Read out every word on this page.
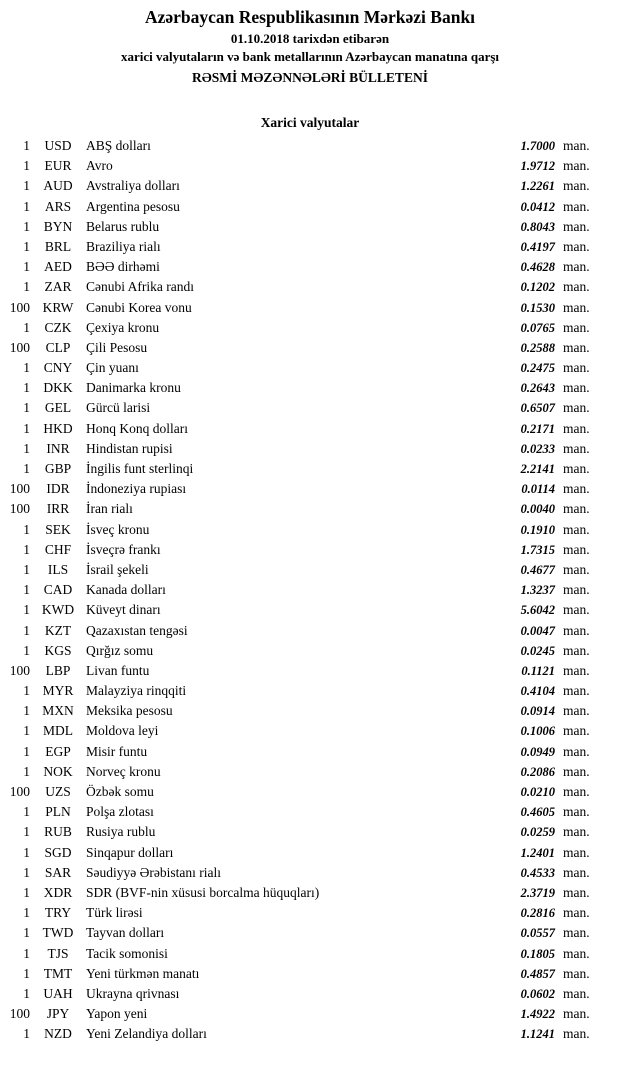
Azərbaycan Respublikasının Mərkəzi Bankı
01.10.2018 tarixdən etibarən
xarici valyutaların və bank metallarının Azərbaycan manatına qarşı
RƏSMİ MƏZƏNNƏLƏRİ BÜLLETENİ
Xarici valyutalar
1	USD	ABŞ dolları	1.7000 man.
1	EUR	Avro	1.9712 man.
1 AUD Avstraliya dolları	1.2261 man.
1	ARS	Argentina pesosu	0.0412 man.
1	BYN	Belarus rublu	0.8043 man.
1	BRL	Braziliya rialı	0.4197 man.
1	AED	BƏƏ dirhəmi	0.4628 man.
1	ZAR	Cənubi Afrika randı	0.1202 man.
100 KRW Cənubi Korea vonu	0.1530 man.
1	CZK	Çexiya kronu	0.0765 man.
100	CLP	Çili Pesosu	0.2588 man.
1	CNY	Çin yuanı	0.2475 man.
1 DKK Danimarka kronu	0.2643 man.
1	GEL	Gürcü larisi	0.6507 man.
1 HKD Honq Konq dolları	0.2171 man.
1	INR	Hindistan rupisi	0.0233 man.
1	GBP	İngilis funt sterlinqi	2.2141 man.
100	IDR	İndoneziya rupiası	0.0114 man.
100	IRR	İran rialı	0.0040 man.
1	SEK	İsveç kronu	0.1910 man.
1	CHF	İsveçrə frankı	1.7315 man.
1	ILS	İsrail şekeli	0.4677 man.
1	CAD	Kanada dolları	1.3237 man.
1 KWD Küveyt dinarı	5.6042 man.
1	KZT	Qazaxıstan tengəsi	0.0047 man.
1	KGS	Qırğız somu	0.0245 man.
100	LBP	Livan funtu	0.1121 man.
1 MYR Malayziya rinqqiti	0.4104 man.
1 MXN Meksika pesosu	0.0914 man.
1 MDL Moldova leyi	0.1006 man.
1	EGP	Misir funtu	0.0949 man.
1 NOK Norveç kronu	0.2086 man.
100	UZS	Özbək somu	0.0210 man.
1	PLN	Polşa zlotası	0.4605 man.
1	RUB	Rusiya rublu	0.0259 man.
1	SGD	Sinqapur dolları	1.2401 man.
1	SAR	Səudiyyə Ərəbistanı rialı	0.4533 man.
1	XDR	SDR (BVF-nin xüsusi borcalma hüquqları)	2.3719 man.
1	TRY	Türk lirəsi	0.2816 man.
1 TWD Tayvan dolları	0.0557 man.
1	TJS	Tacik somonisi	0.1805 man.
1	TMT	Yeni türkmən manatı	0.4857 man.
1 UAH Ukrayna qrivnası	0.0602 man.
100	JPY	Yapon yeni	1.4922 man.
1	NZD	Yeni Zelandiya dolları	1.1241 man.
